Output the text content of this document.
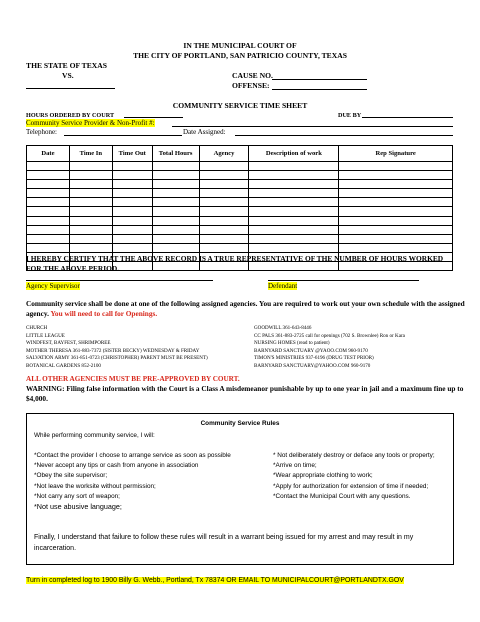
IN THE MUNICIPAL COURT OF
THE CITY OF PORTLAND, SAN PATRICIO COUNTY, TEXAS
THE STATE OF TEXAS
VS.	CAUSE NO.
OFFENSE:
COMMUNITY SERVICE TIME SHEET
HOURS ORDERED BY COURT	DUE BY
Community Service Provider & Non-Profit #:
Telephone:	Date Assigned:
Date	Time In	Time Out	Total Hours	Agency	Description of work	Rep Signature

I HEREBY CERTIFY THAT THE ABOVE RECORD IS A TRUE REPRESENTATIVE OF THE NUMBER OF HOURS WORKED FOR THE ABOVE PERIOD.
Agency Supervisor	Defendant
Community service shall be done at one of the following assigned agencies. You are required to work out your own schedule with the assigned agency. You will need to call for Openings.
CHURCH
LITTLE LEAGUE
WINDFEST, BAYFEST, SHRIMPOREE
MOTHER THERESA 361-883-7372 (SISTER BECKY) WEDNESDAY & FRIDAY
SALVATION ARMY 361-851-0723 (CHRISTOPHER) PARENT MUST BE PRESENT)
BOTANICAL GARDENS 852-2100
GOODWILL 361-643-8446
CC PALS 361-883-2725 call for openings (702 S. Brownlee) Ron or Kara
NURSING HOMES (read to patient)
BARNYARD SANCTUARY @YAOO.COM 960-9170
TIMON'S MINISTRIES 937-6196 (DRUG TEST PRIOR)
BARNYARD SANCTUARY@YAHOO.COM 960-9170
ALL OTHER AGENCIES MUST BE PRE-APPROVED BY COURT.
WARNING: Filing false information with the Court is a Class A misdemeanor punishable by up to one year in jail and a maximum fine up to $4,000.
Community Service Rules
While performing community service, I will:
*Contact the provider I choose to arrange service as soon as possible
*Never accept any tips or cash from anyone in association
*Obey the site supervisor;
*Not leave the worksite without permission;
*Not carry any sort of weapon;
*Not use abusive language;
* Not deliberately destroy or deface any tools or property;
*Arrive on time;
*Wear appropriate clothing to work;
*Apply for authorization for extension of time if needed;
*Contact the Municipal Court with any questions.
Finally, I understand that failure to follow these rules will result in a warrant being issued for my arrest and may result in my incarceration.
Turn in completed log to 1900 Billy G. Webb., Portland, Tx 78374 OR EMAIL TO MUNICIPALCOURT@PORTLANDTX.GOV
